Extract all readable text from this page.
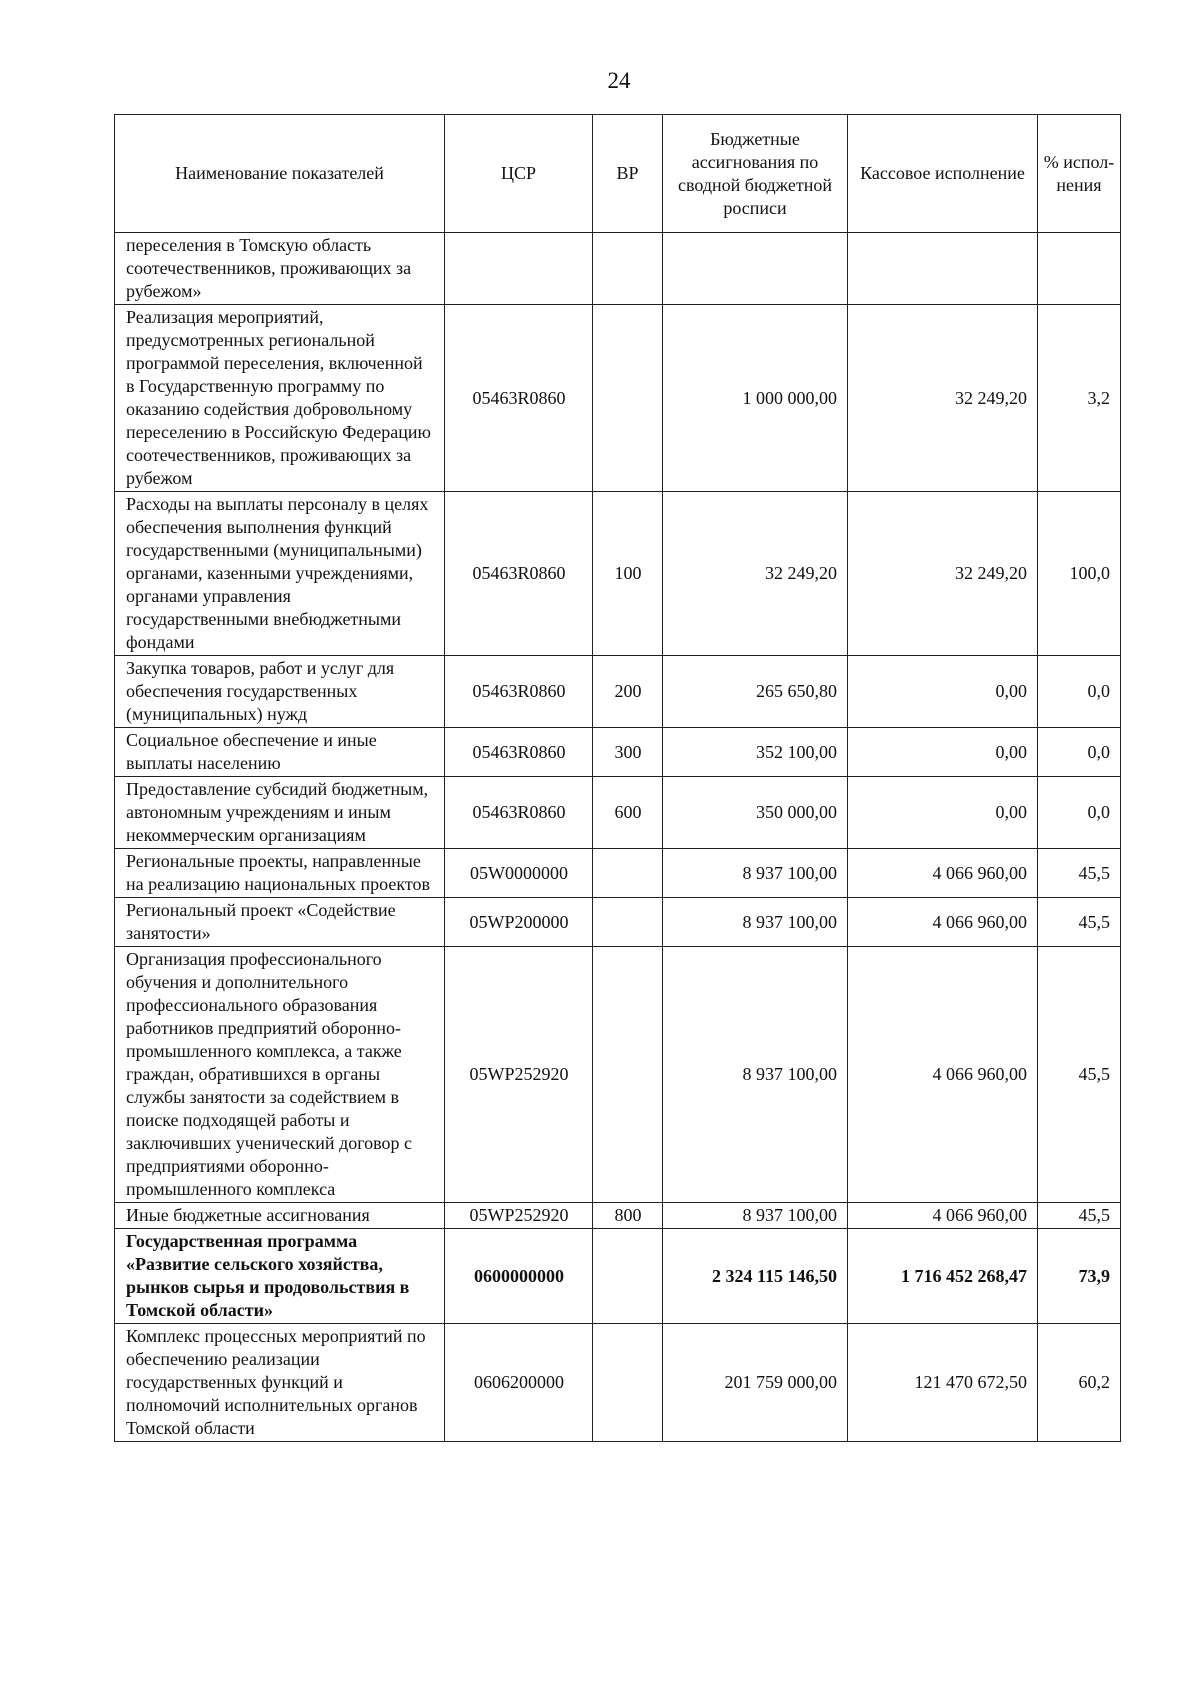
24
Наименование показателей	ЦСР	ВР	Бюджетные ассигнования по сводной бюджетной росписи	Кассовое исполнение	% испол-нения
переселения в Томскую область соотечественников, проживающих за рубежом»					
Реализация мероприятий, предусмотренных региональной программой переселения, включенной в Государственную программу по оказанию содействия добровольному переселению в Российскую Федерацию соотечественников, проживающих за рубежом	05463R0860		1 000 000,00	32 249,20	3,2
Расходы на выплаты персоналу в целях обеспечения выполнения функций государственными (муниципальными) органами, казенными учреждениями, органами управления государственными внебюджетными фондами	05463R0860	100	32 249,20	32 249,20	100,0
Закупка товаров, работ и услуг для обеспечения государственных (муниципальных) нужд	05463R0860	200	265 650,80	0,00	0,0
Социальное обеспечение и иные выплаты населению	05463R0860	300	352 100,00	0,00	0,0
Предоставление субсидий бюджетным, автономным учреждениям и иным некоммерческим организациям	05463R0860	600	350 000,00	0,00	0,0
Региональные проекты, направленные на реализацию национальных проектов	05W0000000		8 937 100,00	4 066 960,00	45,5
Региональный проект «Содействие занятости»	05WP200000		8 937 100,00	4 066 960,00	45,5
Организация профессионального обучения и дополнительного профессионального образования работников предприятий оборонно-промышленного комплекса, а также граждан, обратившихся в органы службы занятости за содействием в поиске подходящей работы и заключивших ученический договор с предприятиями оборонно-промышленного комплекса	05WP252920		8 937 100,00	4 066 960,00	45,5
Иные бюджетные ассигнования	05WP252920	800	8 937 100,00	4 066 960,00	45,5
Государственная программа «Развитие сельского хозяйства, рынков сырья и продовольствия в Томской области»	0600000000		2 324 115 146,50	1 716 452 268,47	73,9
Комплекс процессных мероприятий по обеспечению реализации государственных функций и полномочий исполнительных органов Томской области	0606200000		201 759 000,00	121 470 672,50	60,2
